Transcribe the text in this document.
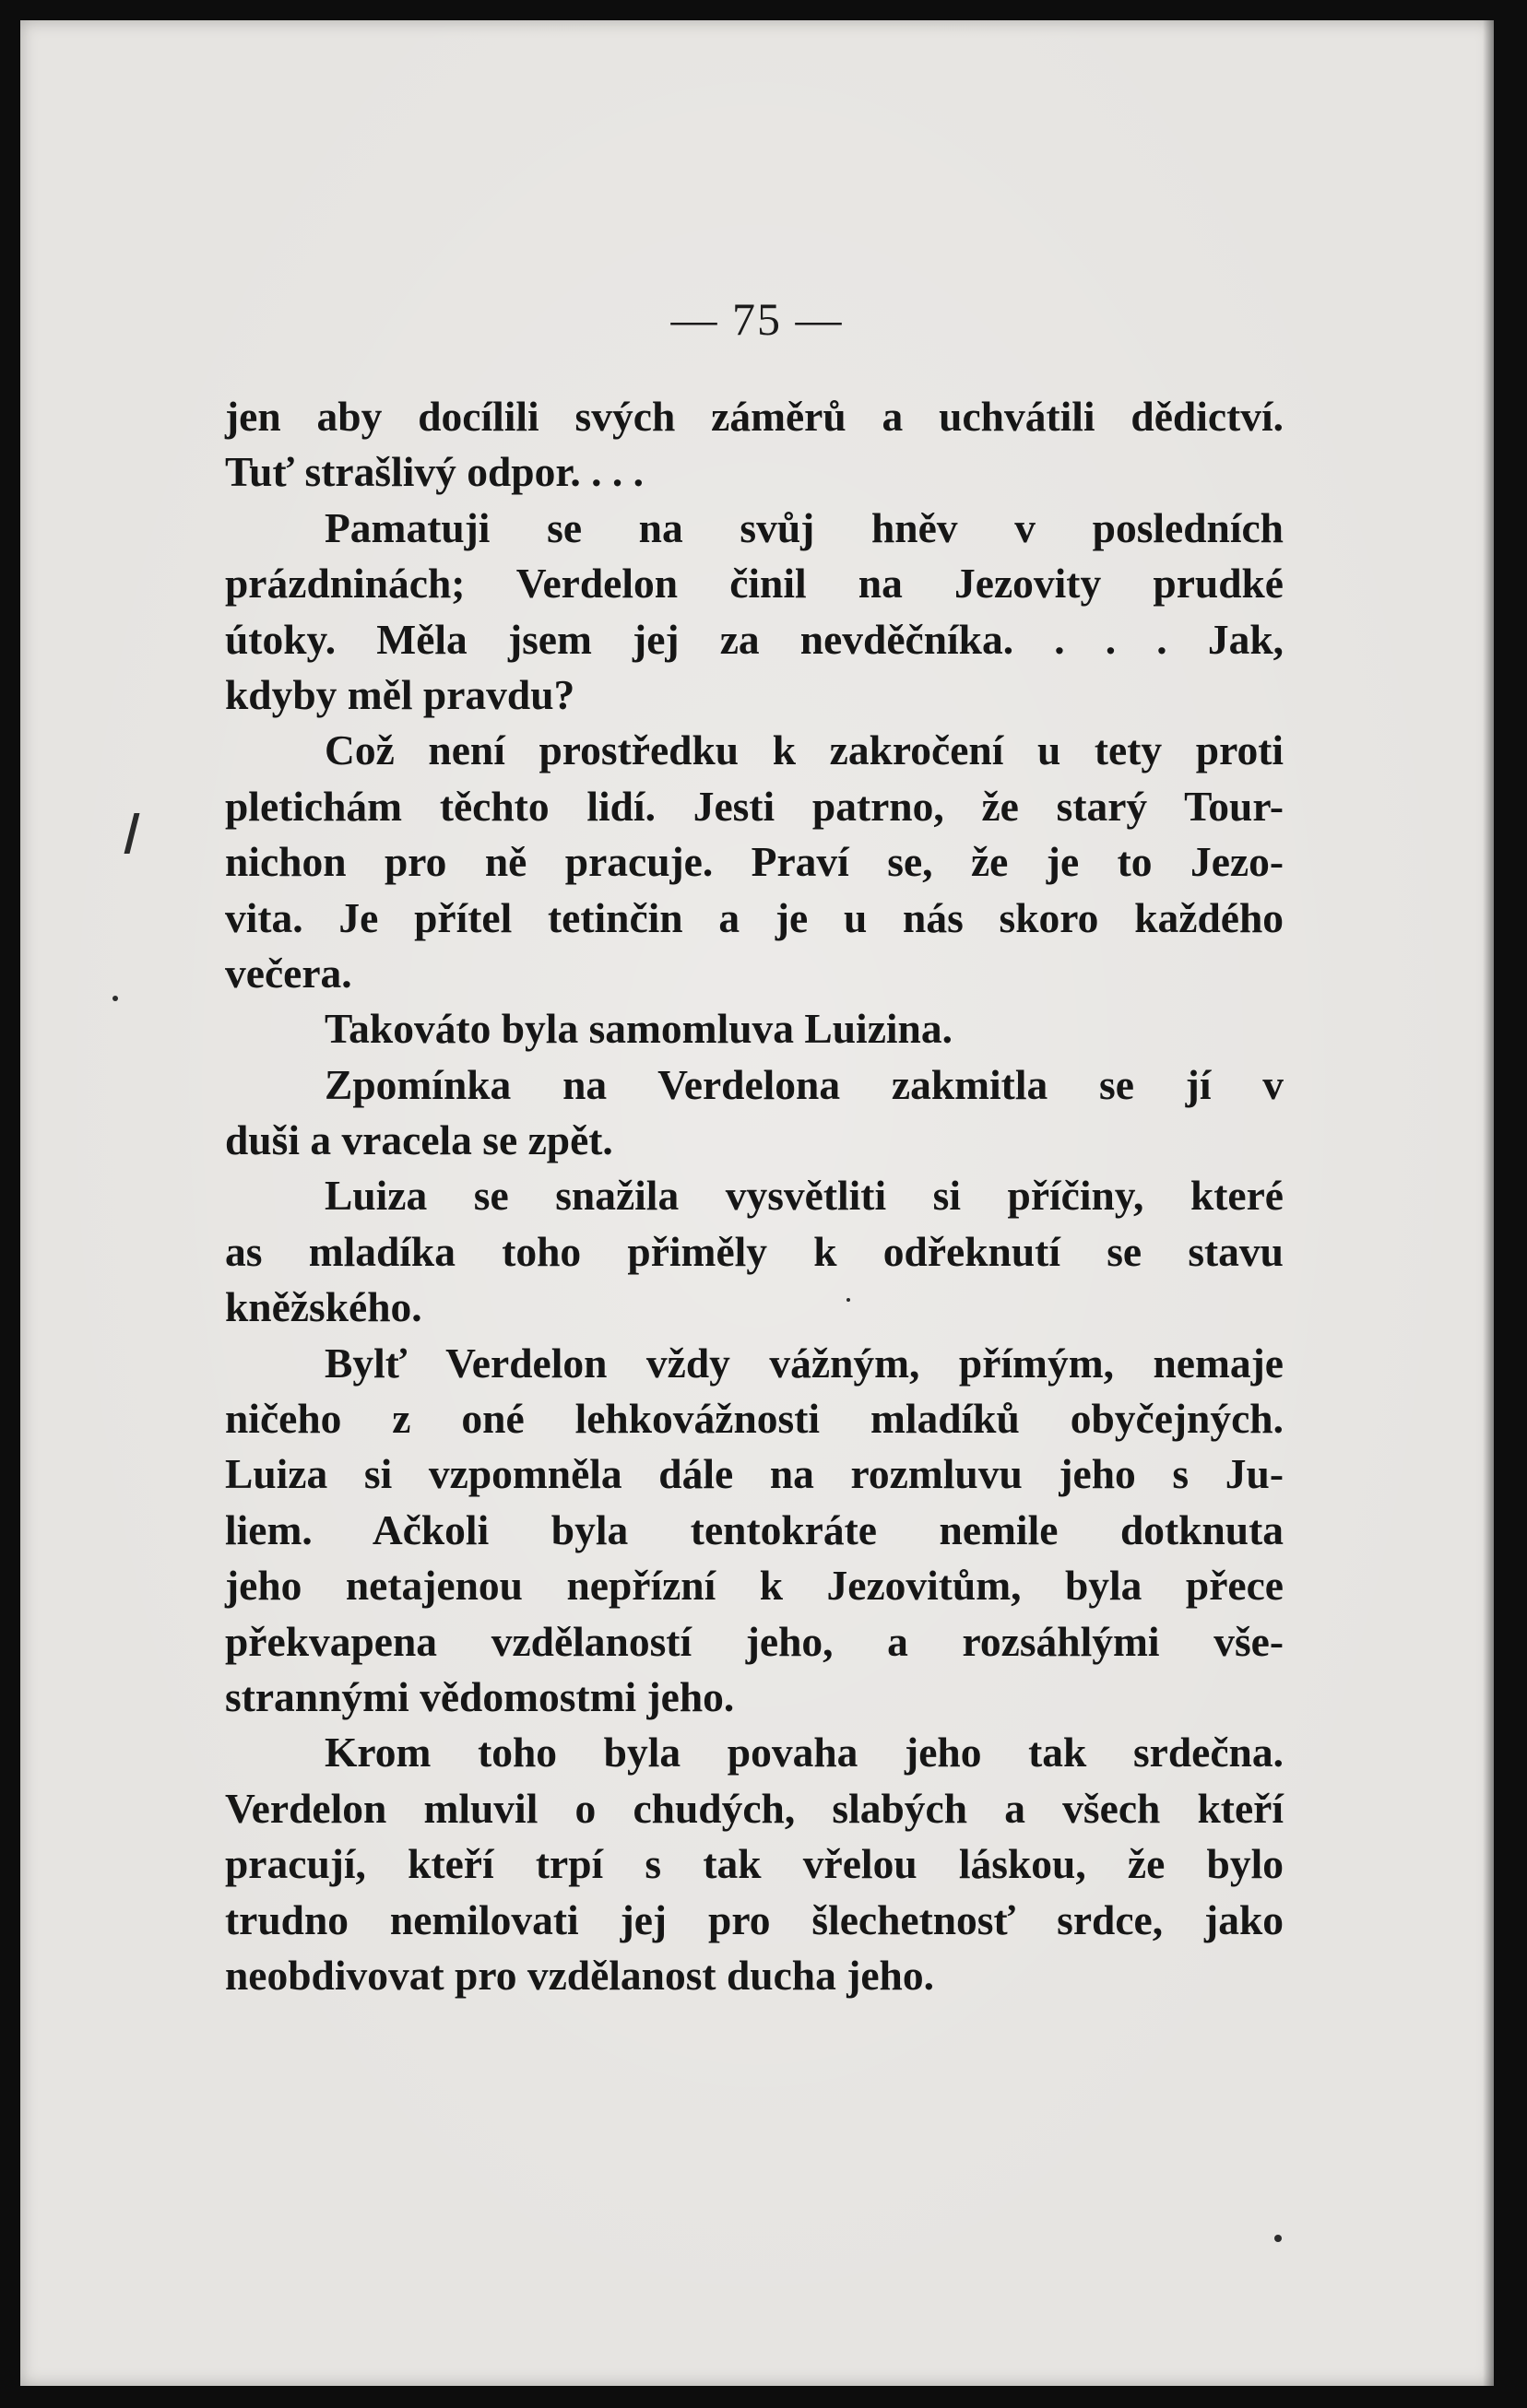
— 75 —
jen aby docílili svých záměrů a uchvátili dědictví.
Tuť strašlivý odpor. . . .
Pamatuji se na svůj hněv v posledních
prázdninách; Verdelon činil na Jezovity prudké
útoky. Měla jsem jej za nevděčníka. . . . Jak,
kdyby měl pravdu?
Což není prostředku k zakročení u tety proti
pletichám těchto lidí. Jesti patrno, že starý Tour-
nichon pro ně pracuje. Praví se, že je to Jezo-
vita. Je přítel tetinčin a je u nás skoro každého
večera.
Takováto byla samomluva Luizina.
Zpomínka na Verdelona zakmitla se jí v
duši a vracela se zpět.
Luiza se snažila vysvětliti si příčiny, které
as mladíka toho přiměly k odřeknutí se stavu
kněžského.
Bylť Verdelon vždy vážným, přímým, nemaje
ničeho z oné lehkovážnosti mladíků obyčejných.
Luiza si vzpomněla dále na rozmluvu jeho s Ju-
liem. Ačkoli byla tentokráte nemile dotknuta
jeho netajenou nepřízní k Jezovitům, byla přece
překvapena vzdělaností jeho, a rozsáhlými vše-
strannými vědomostmi jeho.
Krom toho byla povaha jeho tak srdečna.
Verdelon mluvil o chudých, slabých a všech kteří
pracují, kteří trpí s tak vřelou láskou, že bylo
trudno nemilovati jej pro šlechetnosť srdce, jako
neobdivovat pro vzdělanost ducha jeho.
